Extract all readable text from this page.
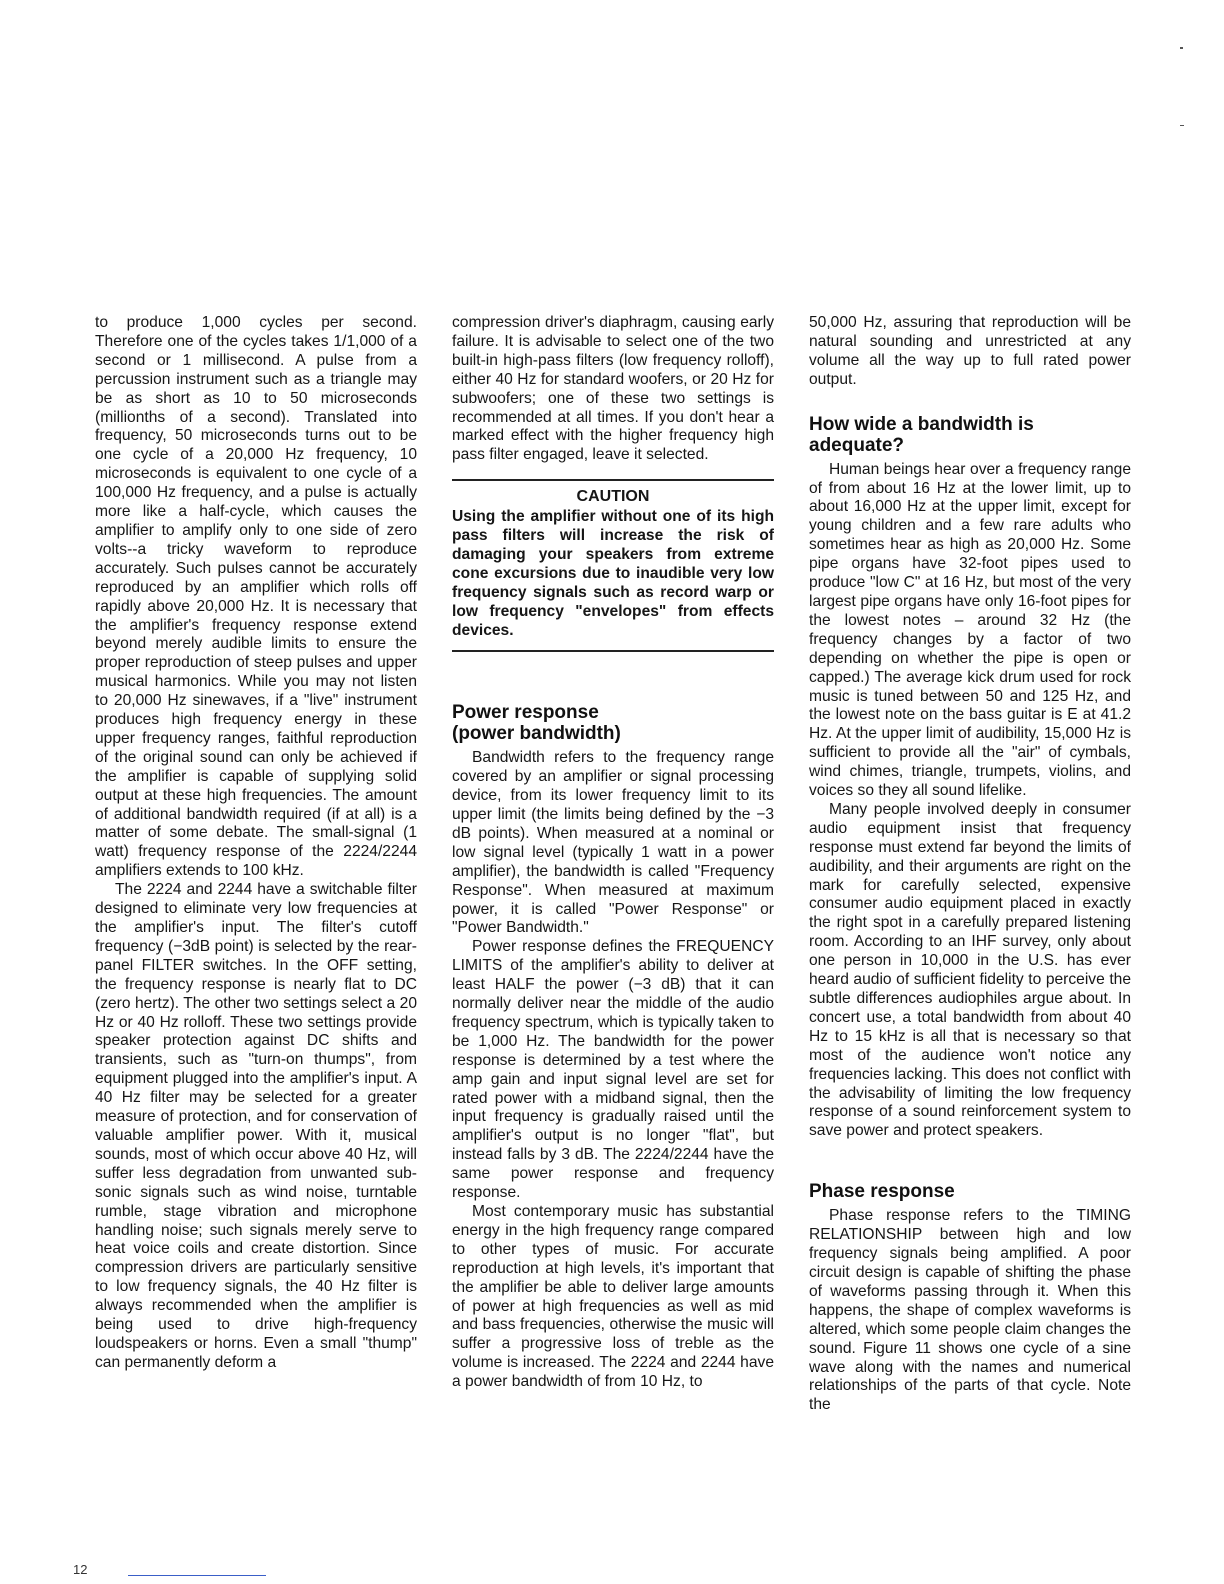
to produce 1,000 cycles per second. Therefore one of the cycles takes 1/1,000 of a second or 1 millisecond. A pulse from a percussion instrument such as a triangle may be as short as 10 to 50 microseconds (millionths of a second). Translated into frequency, 50 microseconds turns out to be one cycle of a 20,000 Hz frequency, 10 microseconds is equivalent to one cycle of a 100,000 Hz frequency, and a pulse is actually more like a half-cycle, which causes the amplifier to amplify only to one side of zero volts--a tricky waveform to reproduce accurately. Such pulses cannot be accurately reproduced by an amplifier which rolls off rapidly above 20,000 Hz. It is necessary that the amplifier's frequency response extend beyond merely audible limits to ensure the proper reproduction of steep pulses and upper musical harmonics. While you may not listen to 20,000 Hz sinewaves, if a "live" instrument produces high frequency energy in these upper frequency ranges, faithful reproduction of the original sound can only be achieved if the amplifier is capable of supplying solid output at these high frequencies. The amount of additional bandwidth required (if at all) is a matter of some debate. The small-signal (1 watt) frequency response of the 2224/2244 amplifiers extends to 100 kHz.

The 2224 and 2244 have a switchable filter designed to eliminate very low frequencies at the amplifier's input. The filter's cutoff frequency (−3dB point) is selected by the rear-panel FILTER switches. In the OFF setting, the frequency response is nearly flat to DC (zero hertz). The other two settings select a 20 Hz or 40 Hz rolloff. These two settings provide speaker protection against DC shifts and transients, such as "turn-on thumps", from equipment plugged into the amplifier's input. A 40 Hz filter may be selected for a greater measure of protection, and for conservation of valuable amplifier power. With it, musical sounds, most of which occur above 40 Hz, will suffer less degradation from unwanted sub-sonic signals such as wind noise, turntable rumble, stage vibration and microphone handling noise; such signals merely serve to heat voice coils and create distortion. Since compression drivers are particularly sensitive to low frequency signals, the 40 Hz filter is always recommended when the amplifier is being used to drive high-frequency loudspeakers or horns. Even a small "thump" can permanently deform a

compression driver's diaphragm, causing early failure. It is advisable to select one of the two built-in high-pass filters (low frequency rolloff), either 40 Hz for standard woofers, or 20 Hz for subwoofers; one of these two settings is recommended at all times. If you don't hear a marked effect with the higher frequency high pass filter engaged, leave it selected.

CAUTION

Using the amplifier without one of its high pass filters will increase the risk of damaging your speakers from extreme cone excursions due to inaudible very low frequency signals such as record warp or low frequency "envelopes" from effects devices.

Power response
(power bandwidth)

Bandwidth refers to the frequency range covered by an amplifier or signal processing device, from its lower frequency limit to its upper limit (the limits being defined by the −3 dB points). When measured at a nominal or low signal level (typically 1 watt in a power amplifier), the bandwidth is called "Frequency Response". When measured at maximum power, it is called "Power Response" or "Power Bandwidth."

Power response defines the FREQUENCY LIMITS of the amplifier's ability to deliver at least HALF the power (−3 dB) that it can normally deliver near the middle of the audio frequency spectrum, which is typically taken to be 1,000 Hz. The bandwidth for the power response is determined by a test where the amp gain and input signal level are set for rated power with a midband signal, then the input frequency is gradually raised until the amplifier's output is no longer "flat", but instead falls by 3 dB. The 2224/2244 have the same power response and frequency response.

Most contemporary music has substantial energy in the high frequency range compared to other types of music. For accurate reproduction at high levels, it's important that the amplifier be able to deliver large amounts of power at high frequencies as well as mid and bass frequencies, otherwise the music will suffer a progressive loss of treble as the volume is increased. The 2224 and 2244 have a power bandwidth of from 10 Hz, to

50,000 Hz, assuring that reproduction will be natural sounding and unrestricted at any volume all the way up to full rated power output.

How wide a bandwidth is
adequate?

Human beings hear over a frequency range of from about 16 Hz at the lower limit, up to about 16,000 Hz at the upper limit, except for young children and a few rare adults who sometimes hear as high as 20,000 Hz. Some pipe organs have 32-foot pipes used to produce "low C" at 16 Hz, but most of the very largest pipe organs have only 16-foot pipes for the lowest notes – around 32 Hz (the frequency changes by a factor of two depending on whether the pipe is open or capped.) The average kick drum used for rock music is tuned between 50 and 125 Hz, and the lowest note on the bass guitar is E at 41.2 Hz. At the upper limit of audibility, 15,000 Hz is sufficient to provide all the "air" of cymbals, wind chimes, triangle, trumpets, violins, and voices so they all sound lifelike.

Many people involved deeply in consumer audio equipment insist that frequency response must extend far beyond the limits of audibility, and their arguments are right on the mark for carefully selected, expensive consumer audio equipment placed in exactly the right spot in a carefully prepared listening room. According to an IHF survey, only about one person in 10,000 in the U.S. has ever heard audio of sufficient fidelity to perceive the subtle differences audiophiles argue about. In concert use, a total bandwidth from about 40 Hz to 15 kHz is all that is necessary so that most of the audience won't notice any frequencies lacking. This does not conflict with the advisability of limiting the low frequency response of a sound reinforcement system to save power and protect speakers.

Phase response

Phase response refers to the TIMING RELATIONSHIP between high and low frequency signals being amplified. A poor circuit design is capable of shifting the phase of waveforms passing through it. When this happens, the shape of complex waveforms is altered, which some people claim changes the sound. Figure 11 shows one cycle of a sine wave along with the names and numerical relationships of the parts of that cycle. Note the

12
